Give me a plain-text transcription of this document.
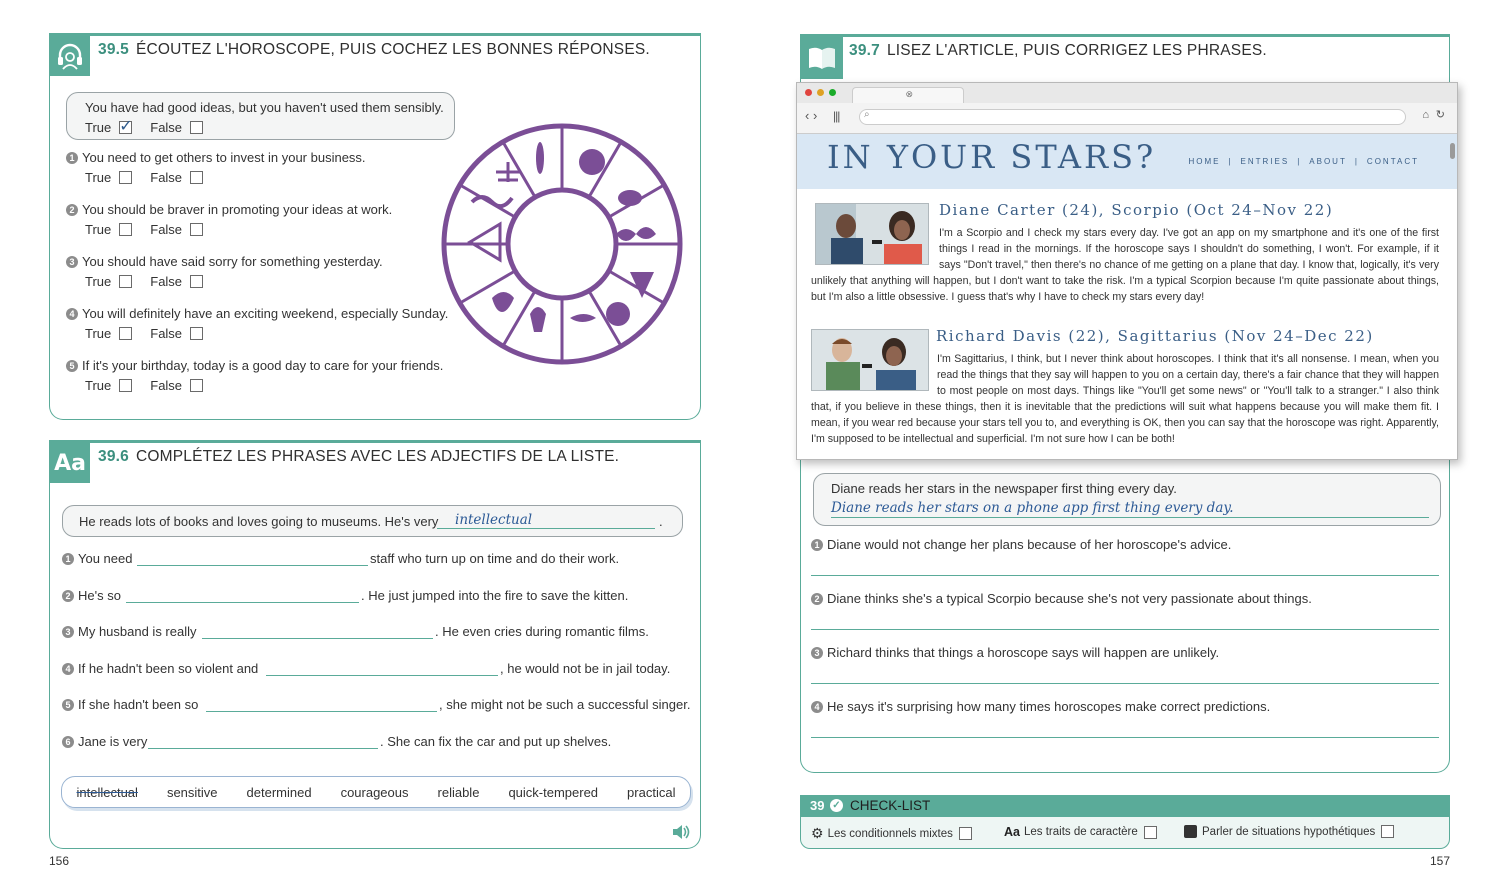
39.5 ÉCOUTEZ L'HOROSCOPE, PUIS COCHEZ LES BONNES RÉPONSES.
You have had good ideas, but you haven't used them sensibly.
True ✓ False
1 You need to get others to invest in your business.
True	False
2 You should be braver in promoting your ideas at work.
True	False
3 You should have said sorry for something yesterday.
True	False
4 You will definitely have an exciting weekend, especially Sunday.
True	False
5 If it's your birthday, today is a good day to care for your friends.
True	False
Aa 39.6 COMPLÉTEZ LES PHRASES AVEC LES ADJECTIFS DE LA LISTE.
He reads lots of books and loves going to museums. He's very intellectual	.
1 You need	staff who turn up on time and do their work.
2 He's so	. He just jumped into the fire to save the kitten.
3 My husband is really	. He even cries during romantic films.
4 If he hadn't been so violent and	, he would not be in jail today.
5 If she hadn't been so	, she might not be such a successful singer.
6 Jane is very	. She can fix the car and put up shelves.
intellectual sensitive determined courageous reliable quick-tempered practical
156
39.7 LISEZ L'ARTICLE, PUIS CORRIGEZ LES PHRASES.
Diane reads her stars in the newspaper first thing every day.
Diane reads her stars on a phone app first thing every day.
1 Diane would not change her plans because of her horoscope's advice.
2 Diane thinks she's a typical Scorpio because she's not very passionate about things.
3 Richard thinks that things a horoscope says will happen are unlikely.
4 He says it's surprising how many times horoscopes make correct predictions.
⊗
‹ › ||| ⌕	⌂ ↻
IN YOUR STARS?	HOME | ENTRIES | ABOUT | CONTACT
Diane Carter (24), Scorpio (Oct 24–Nov 22)
I'm a Scorpio and I check my stars every day. I've got an app on my smartphone and it's one of the first things I read in the mornings. If the horoscope says I shouldn't do something, I won't. For example, if it says "Don't travel," then there's no chance of me getting on a plane that day. I know that, logically, it's very unlikely that anything will happen, but I don't want to take the risk. I'm a typical Scorpion because I'm quite passionate about things, but I'm also a little obsessive. I guess that's why I have to check my stars every day!
Richard Davis (22), Sagittarius (Nov 24–Dec 22)
I'm Sagittarius, I think, but I never think about horoscopes. I think that it's all nonsense. I mean, when you read the things that they say will happen to you on a certain day, there's a fair chance that they will happen to most people on most days. Things like "You'll get some news" or "You'll talk to a stranger." I also think that, if you believe in these things, then it is inevitable that the predictions will suit what happens because you will make them fit. I mean, if you wear red because your stars tell you to, and everything is OK, then you can say that the horoscope was right. Apparently, I'm supposed to be intellectual and superficial. I'm not sure how I can be both!
39 ✓ CHECK-LIST
⚙ Les conditionnels mixtes	Aa Les traits de caractère	Parler de situations hypothétiques
157
